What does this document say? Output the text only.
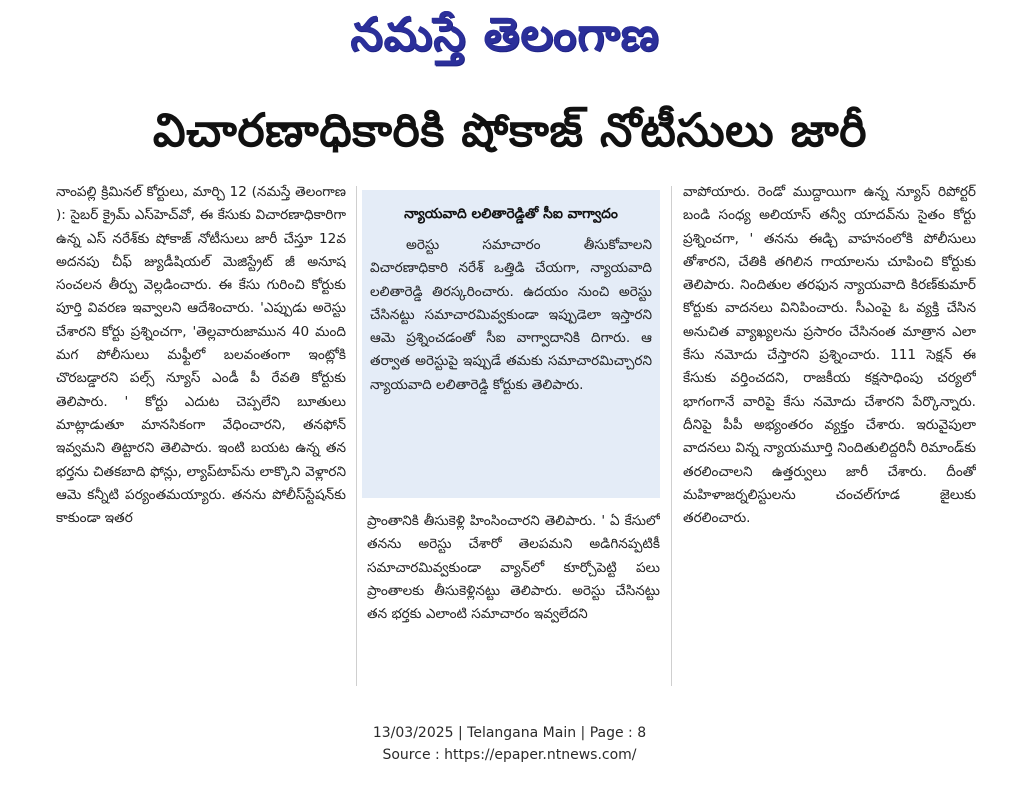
నమస్తే తెలంగాణ
విచారణాధికారికి షోకాజ్ నోటీసులు జారీ

నాంపల్లి క్రిమినల్ కోర్టులు, మార్చి 12 (నమస్తే తెలంగాణ ): సైబర్ క్రైమ్ ఎస్‌హెచ్‌వో, ఈ కేసుకు విచారణాధికారిగా ఉన్న ఎస్ నరేశ్‌కు షోకాజ్ నోటీసులు జారీ చేస్తూ 12వ అదనపు చీఫ్ జ్యుడీషియల్ మెజిస్ట్రేట్ జీ అనూష సంచలన తీర్పు వెల్లడించారు. ఈ కేసు గురించి కోర్టుకు పూర్తి వివరణ ఇవ్వాలని ఆదేశించారు. 'ఎప్పుడు అరెస్టు చేశారని కోర్టు ప్రశ్నించగా, 'తెల్లవారుజామున 40 మంది మగ పోలీసులు మఫ్టీలో బలవంతంగా ఇంట్లోకి చొరబడ్డారని పల్స్ న్యూస్ ఎండీ పీ రేవతి కోర్టుకు తెలిపారు. ' కోర్టు ఎదుట చెప్పలేని బూతులు మాట్లాడుతూ మానసికంగా వేధించారని, తనఫోన్ ఇవ్వమని తిట్టారని తెలిపారు. ఇంటి బయట ఉన్న తన భర్తను చితకబాది ఫోన్లు, ల్యాప్‌టాప్‌ను లాక్కొని వెళ్లారని ఆమె కన్నీటి పర్యంతమయ్యారు. తనను పోలీస్‌స్టేషన్‌కు కాకుండా ఇతర

న్యాయవాది లలితారెడ్డితో సీఐ వాగ్వాదం

అరెస్టు సమాచారం తీసుకోవాలని విచారణాధికారి నరేశ్ ఒత్తిడి చేయగా, న్యాయవాది లలితారెడ్డి తిరస్కరించారు. ఉదయం నుంచి అరెస్టు చేసినట్టు సమాచారమివ్వకుండా ఇప్పుడెలా ఇస్తారని ఆమె ప్రశ్నించడంతో సీఐ వాగ్వాదానికి దిగారు. ఆ తర్వాత అరెస్టుపై ఇప్పుడే తమకు సమాచారమిచ్చారని న్యాయవాది లలితారెడ్డి కోర్టుకు తెలిపారు.

ప్రాంతానికి తీసుకెళ్లి హింసించారని తెలిపారు. ' ఏ కేసులో తనను అరెస్టు చేశారో తెలపమని అడిగినప్పటికీ సమాచారమివ్వకుండా వ్యాన్‌లో కూర్చోపెట్టి పలు ప్రాంతాలకు తీసుకెళ్లినట్టు తెలిపారు. అరెస్టు చేసినట్టు తన భర్తకు ఎలాంటి సమాచారం ఇవ్వలేదని

వాపోయారు. రెండో ముద్దాయిగా ఉన్న న్యూస్ రిపోర్టర్ బండి సంధ్య అలియాస్ తన్వీ యాదవ్‌ను సైతం కోర్టు ప్రశ్నించగా, ' తనను ఈడ్చి వాహనంలోకి పోలీసులు తోశారని, చేతికి తగిలిన గాయాలను చూపించి కోర్టుకు తెలిపారు. నిందితుల తరఫున న్యాయవాది కిరణ్‌కుమార్ కోర్టుకు వాదనలు వినిపించారు. సీఎంపై ఓ వ్యక్తి చేసిన అనుచిత వ్యాఖ్యలను ప్రసారం చేసినంత మాత్రాన ఎలా కేసు నమోదు చేస్తారని ప్రశ్నించారు. 111 సెక్షన్ ఈ కేసుకు వర్తించదని, రాజకీయ కక్షసాధింపు చర్యలో భాగంగానే వారిపై కేసు నమోదు చేశారని పేర్కొన్నారు. దీనిపై పీపీ అభ్యంతరం వ్యక్తం చేశారు. ఇరువైపులా వాదనలు విన్న న్యాయమూర్తి నిందితులిద్దరినీ రిమాండ్‌కు తరలించాలని ఉత్తర్వులు జారీ చేశారు. దీంతో మహిళాజర్నలిస్టులను చంచల్‌గూడ జైలుకు తరలించారు.

13/03/2025 | Telangana Main | Page : 8
Source : https://epaper.ntnews.com/
